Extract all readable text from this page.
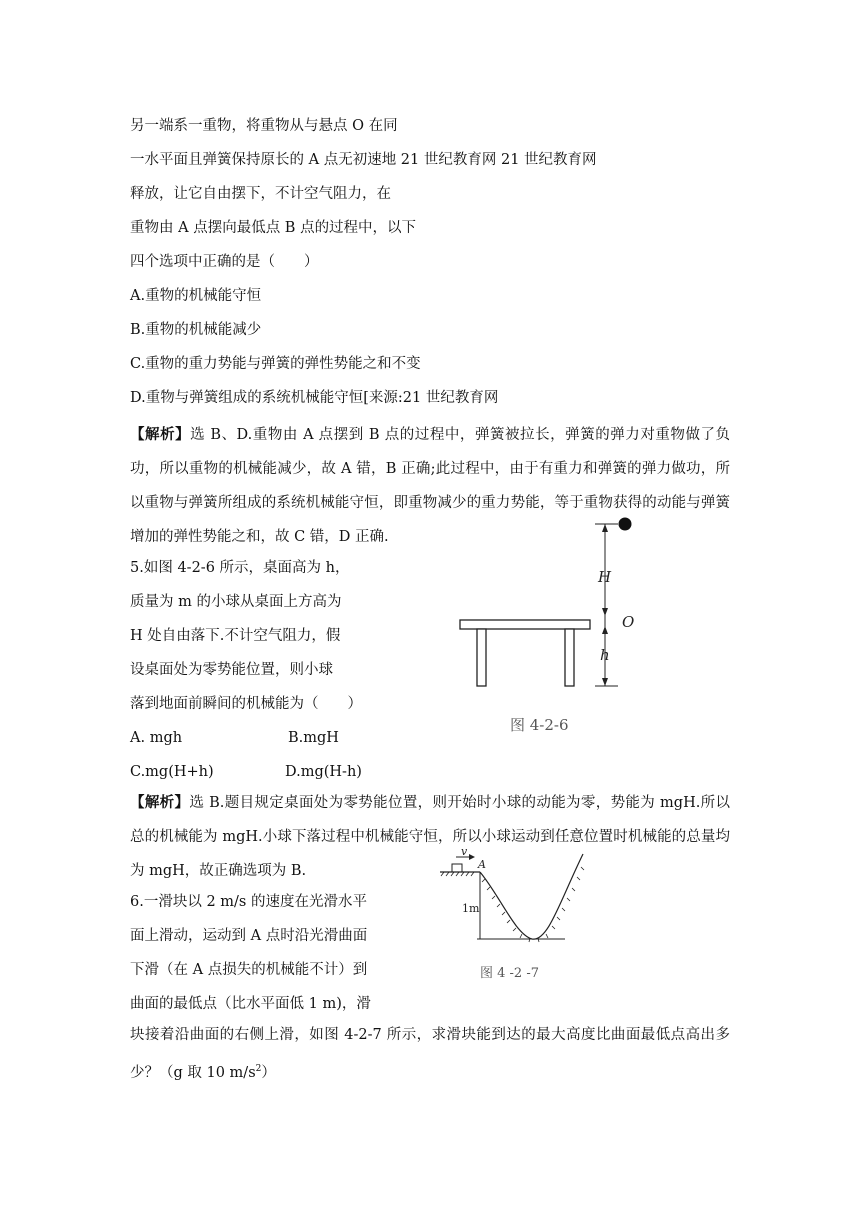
另一端系一重物，将重物从与悬点 O 在同
一水平面且弹簧保持原长的 A 点无初速地 21 世纪教育网 21 世纪教育网
释放，让它自由摆下，不计空气阻力，在
重物由 A 点摆向最低点 B 点的过程中，以下
四个选项中正确的是（　　）
A.重物的机械能守恒
B.重物的机械能减少
C.重物的重力势能与弹簧的弹性势能之和不变
D.重物与弹簧组成的系统机械能守恒[来源:21 世纪教育网
【解析】选 B、D.重物由 A 点摆到 B 点的过程中，弹簧被拉长，弹簧的弹力对重物做了负功，所以重物的机械能减少，故 A 错，B 正确;此过程中，由于有重力和弹簧的弹力做功，所以重物与弹簧所组成的系统机械能守恒，即重物减少的重力势能，等于重物获得的动能与弹簧增加的弹性势能之和，故 C 错，D 正确.
5.如图 4-2-6 所示，桌面高为 h，
质量为 m 的小球从桌面上方高为
H 处自由落下.不计空气阻力，假
设桌面处为零势能位置，则小球
落到地面前瞬间的机械能为（　　）
A. mgh	B.mgH
C.mg(H+h)	D.mg(H-h)
【解析】选 B.题目规定桌面处为零势能位置，则开始时小球的动能为零，势能为 mgH.所以总的机械能为 mgH.小球下落过程中机械能守恒，所以小球运动到任意位置时机械能的总量均为 mgH，故正确选项为 B.
H
O
h
图 4-2-6
6.一滑块以 2 m/s 的速度在光滑水平
面上滑动，运动到 A 点时沿光滑曲面
下滑（在 A 点损失的机械能不计）到
曲面的最低点（比水平面低 1 m)，滑
块接着沿曲面的右侧上滑，如图 4-2-7 所示，求滑块能到达的最大高度比曲面最低点高出多少？（g 取 10 $m/s^2$）
v
A
1m
图 4 -2 -7
